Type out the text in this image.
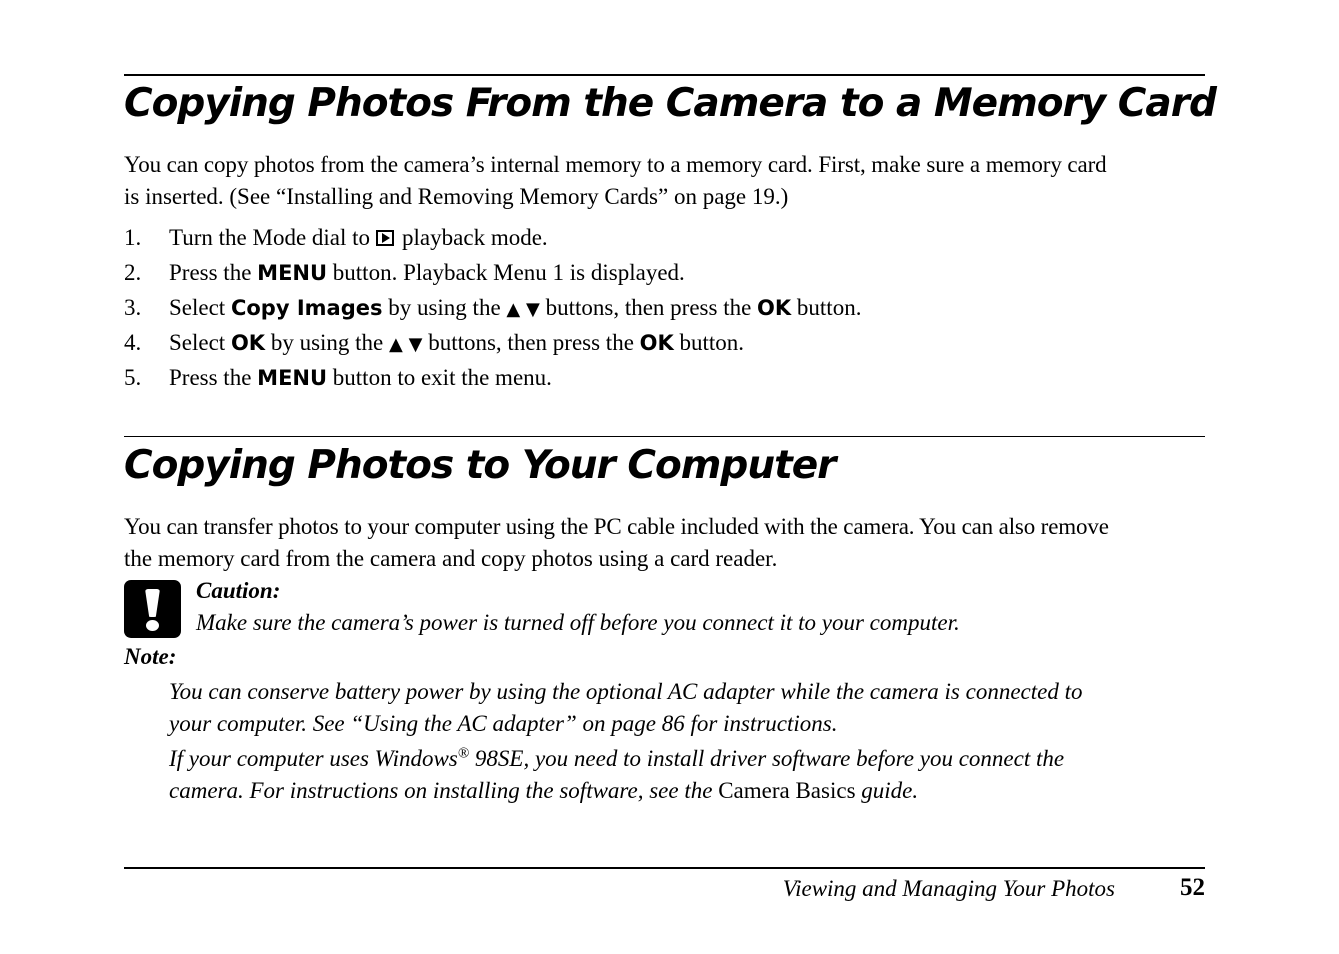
Copying Photos From the Camera to a Memory Card
You can copy photos from the camera’s internal memory to a memory card. First, make sure a memory card
is inserted. (See “Installing and Removing Memory Cards” on page 19.)
1. Turn the Mode dial to playback mode.
2. Press the MENU button. Playback Menu 1 is displayed.
3. Select Copy Images by using the ▲ ▼ buttons, then press the OK button.
4. Select OK by using the ▲ ▼ buttons, then press the OK button.
5. Press the MENU button to exit the menu.
Copying Photos to Your Computer
You can transfer photos to your computer using the PC cable included with the camera. You can also remove
the memory card from the camera and copy photos using a card reader.
Caution:
Make sure the camera’s power is turned off before you connect it to your computer.
Note:
You can conserve battery power by using the optional AC adapter while the camera is connected to
your computer. See “Using the AC adapter” on page 86 for instructions.
If your computer uses Windows® 98SE, you need to install driver software before you connect the
camera. For instructions on installing the software, see the Camera Basics guide.
Viewing and Managing Your Photos	52
